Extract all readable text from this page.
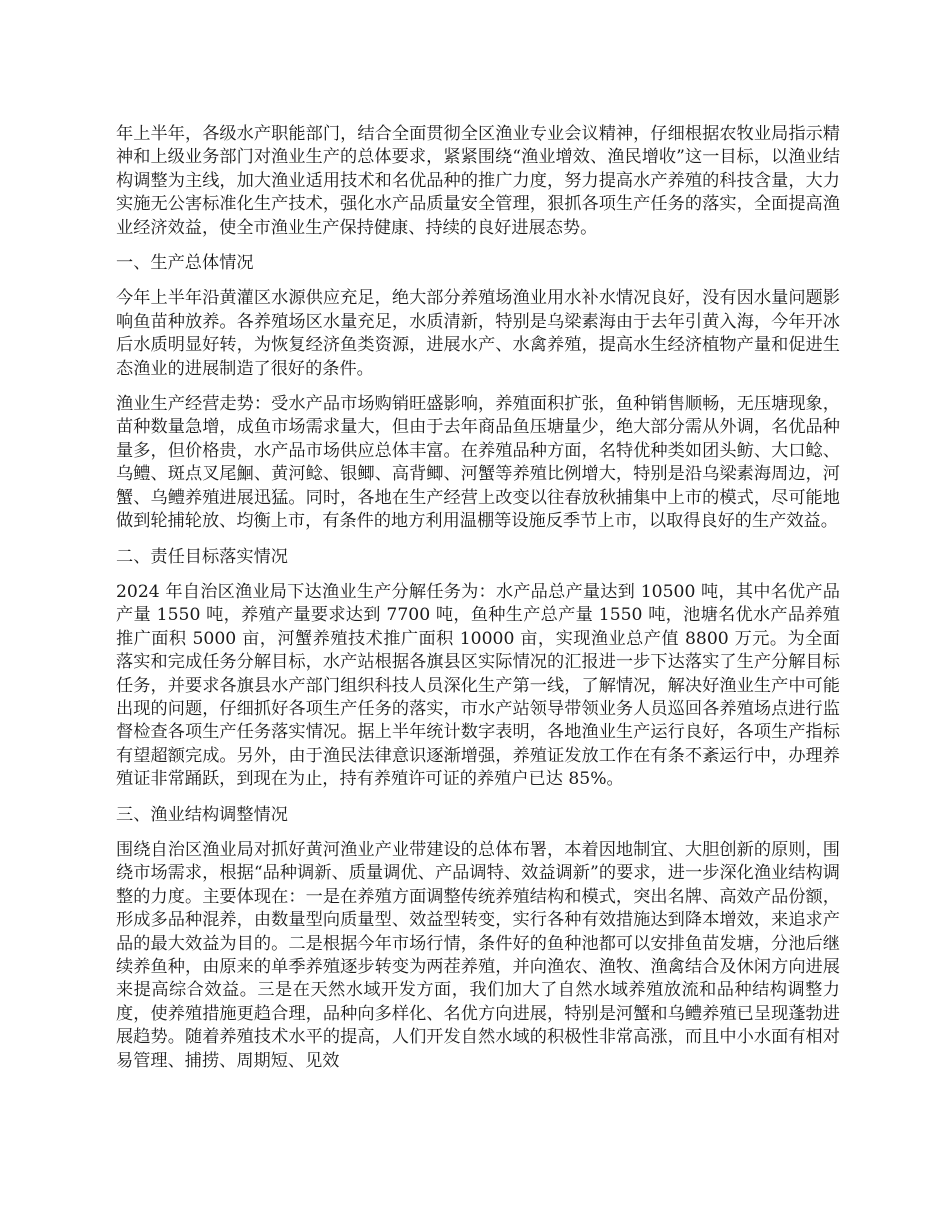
年上半年，各级水产职能部门，结合全面贯彻全区渔业专业会议精神，仔细根据农牧业局指示精神和上级业务部门对渔业生产的总体要求，紧紧围绕“渔业增效、渔民增收”这一目标，以渔业结构调整为主线，加大渔业适用技术和名优品种的推广力度，努力提高水产养殖的科技含量，大力实施无公害标准化生产技术，强化水产品质量安全管理，狠抓各项生产任务的落实，全面提高渔业经济效益，使全市渔业生产保持健康、持续的良好进展态势。

一、生产总体情况

今年上半年沿黄灌区水源供应充足，绝大部分养殖场渔业用水补水情况良好，没有因水量问题影响鱼苗种放养。各养殖场区水量充足，水质清新，特别是乌梁素海由于去年引黄入海，今年开冰后水质明显好转，为恢复经济鱼类资源，进展水产、水禽养殖，提高水生经济植物产量和促进生态渔业的进展制造了很好的条件。

渔业生产经营走势：受水产品市场购销旺盛影响，养殖面积扩张，鱼种销售顺畅，无压塘现象，苗种数量急增，成鱼市场需求量大，但由于去年商品鱼压塘量少，绝大部分需从外调，名优品种量多，但价格贵，水产品市场供应总体丰富。在养殖品种方面，名特优种类如团头鲂、大口鲶、乌鳢、斑点叉尾鮰、黄河鲶、银鲫、高背鲫、河蟹等养殖比例增大，特别是沿乌梁素海周边，河蟹、乌鳢养殖进展迅猛。同时，各地在生产经营上改变以往春放秋捕集中上市的模式，尽可能地做到轮捕轮放、均衡上市，有条件的地方利用温棚等设施反季节上市，以取得良好的生产效益。

二、责任目标落实情况

2024 年自治区渔业局下达渔业生产分解任务为：水产品总产量达到 10500 吨，其中名优产品产量 1550 吨，养殖产量要求达到 7700 吨，鱼种生产总产量 1550 吨，池塘名优水产品养殖推广面积 5000 亩，河蟹养殖技术推广面积 10000 亩，实现渔业总产值 8800 万元。为全面落实和完成任务分解目标，水产站根据各旗县区实际情况的汇报进一步下达落实了生产分解目标任务，并要求各旗县水产部门组织科技人员深化生产第一线，了解情况，解决好渔业生产中可能出现的问题，仔细抓好各项生产任务的落实，市水产站领导带领业务人员巡回各养殖场点进行监督检查各项生产任务落实情况。据上半年统计数字表明，各地渔业生产运行良好，各项生产指标有望超额完成。另外，由于渔民法律意识逐渐增强，养殖证发放工作在有条不紊运行中，办理养殖证非常踊跃，到现在为止，持有养殖许可证的养殖户已达 85%。

三、渔业结构调整情况

围绕自治区渔业局对抓好黄河渔业产业带建设的总体布署，本着因地制宜、大胆创新的原则，围绕市场需求，根据“品种调新、质量调优、产品调特、效益调新”的要求，进一步深化渔业结构调整的力度。主要体现在：一是在养殖方面调整传统养殖结构和模式，突出名牌、高效产品份额，形成多品种混养，由数量型向质量型、效益型转变，实行各种有效措施达到降本增效，来追求产品的最大效益为目的。二是根据今年市场行情，条件好的鱼种池都可以安排鱼苗发塘，分池后继续养鱼种，由原来的单季养殖逐步转变为两茬养殖，并向渔农、渔牧、渔禽结合及休闲方向进展来提高综合效益。三是在天然水域开发方面，我们加大了自然水域养殖放流和品种结构调整力度，使养殖措施更趋合理，品种向多样化、名优方向进展，特别是河蟹和乌鳢养殖已呈现蓬勃进展趋势。随着养殖技术水平的提高，人们开发自然水域的积极性非常高涨，而且中小水面有相对易管理、捕捞、周期短、见效
